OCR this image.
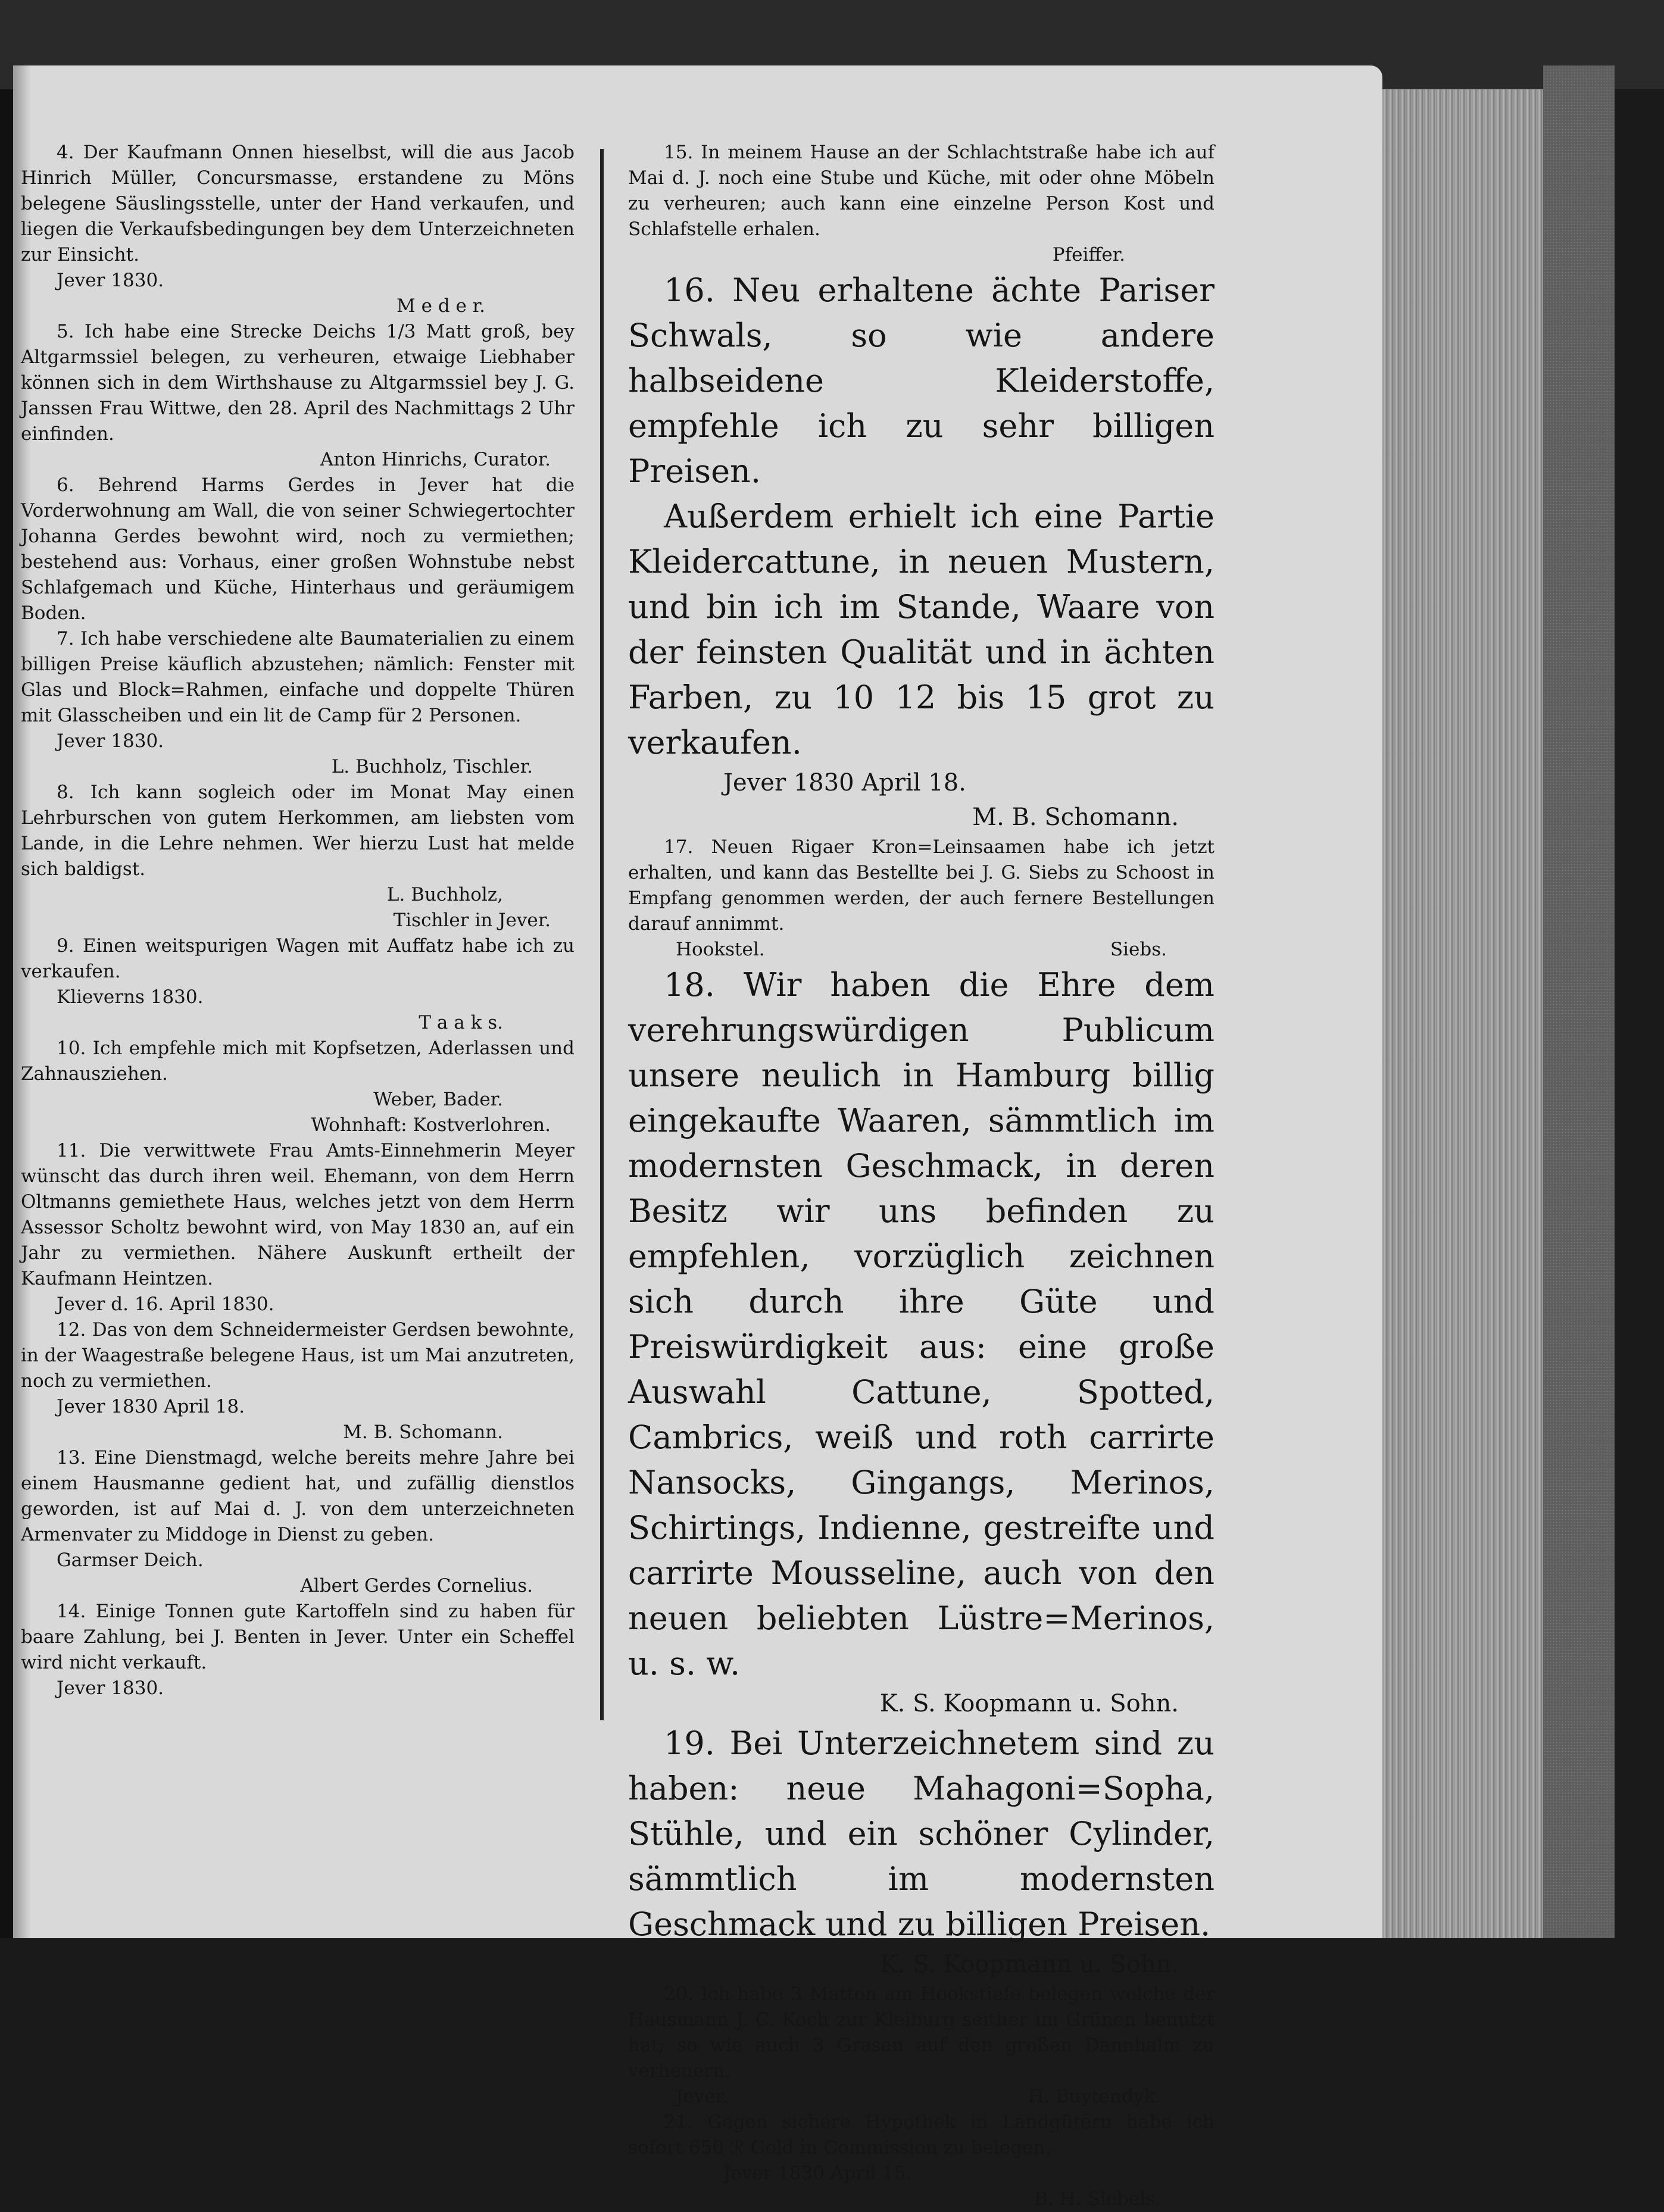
4. Der Kaufmann Onnen hieselbst, will die aus Jacob Hinrich Müller, Concursmasse, erstandene zu Möns belegene Säuslingsstelle, unter der Hand verkaufen, und liegen die Verkaufsbedingungen bey dem Unterzeichneten zur Einsicht.

Jever 1830.

M e d e r.

5. Ich habe eine Strecke Deichs 1/3 Matt groß, bey Altgarmssiel belegen, zu verheuren, etwaige Liebhaber können sich in dem Wirthshause zu Altgarmssiel bey J. G. Janssen Frau Wittwe, den 28. April des Nachmittags 2 Uhr einfinden.

Anton Hinrichs, Curator.

6. Behrend Harms Gerdes in Jever hat die Vorderwohnung am Wall, die von seiner Schwiegertochter Johanna Gerdes bewohnt wird, noch zu vermiethen; bestehend aus: Vorhaus, einer großen Wohnstube nebst Schlafgemach und Küche, Hinterhaus und geräumigem Boden.

7. Ich habe verschiedene alte Baumaterialien zu einem billigen Preise käuflich abzustehen; nämlich: Fenster mit Glas und Block=Rahmen, einfache und doppelte Thüren mit Glasscheiben und ein lit de Camp für 2 Personen.

Jever 1830.

L. Buchholz, Tischler.

8. Ich kann sogleich oder im Monat May einen Lehrburschen von gutem Herkommen, am liebsten vom Lande, in die Lehre nehmen. Wer hierzu Lust hat melde sich baldigst.

L. Buchholz,

Tischler in Jever.

9. Einen weitspurigen Wagen mit Auffatz habe ich zu verkaufen.

Klieverns 1830.

T a a k s.

10. Ich empfehle mich mit Kopfsetzen, Aderlassen und Zahnausziehen.

Weber, Bader.

Wohnhaft: Kostverlohren.

11. Die verwittwete Frau Amts-Einnehmerin Meyer wünscht das durch ihren weil. Ehemann, von dem Herrn Oltmanns gemiethete Haus, welches jetzt von dem Herrn Assessor Scholtz bewohnt wird, von May 1830 an, auf ein Jahr zu vermiethen. Nähere Auskunft ertheilt der Kaufmann Heintzen.

Jever d. 16. April 1830.

12. Das von dem Schneidermeister Gerdsen bewohnte, in der Waagestraße belegene Haus, ist um Mai anzutreten, noch zu vermiethen.

Jever 1830 April 18.

M. B. Schomann.

13. Eine Dienstmagd, welche bereits mehre Jahre bei einem Hausmanne gedient hat, und zufällig dienstlos geworden, ist auf Mai d. J. von dem unterzeichneten Armenvater zu Middoge in Dienst zu geben.

Garmser Deich.

Albert Gerdes Cornelius.

14. Einige Tonnen gute Kartoffeln sind zu haben für baare Zahlung, bei J. Benten in Jever. Unter ein Scheffel wird nicht verkauft.

Jever 1830.

15. In meinem Hause an der Schlachtstraße habe ich auf Mai d. J. noch eine Stube und Küche, mit oder ohne Möbeln zu verheuren; auch kann eine einzelne Person Kost und Schlafstelle erhalen.

Pfeiffer.

16. Neu erhaltene ächte Pariser Schwals, so wie andere halbseidene Kleiderstoffe, empfehle ich zu sehr billigen Preisen.

Außerdem erhielt ich eine Partie Kleidercattune, in neuen Mustern, und bin ich im Stande, Waare von der feinsten Qualität und in ächten Farben, zu 10 12 bis 15 grot zu verkaufen.

Jever 1830 April 18.

M. B. Schomann.

17. Neuen Rigaer Kron=Leinsaamen habe ich jetzt erhalten, und kann das Bestellte bei J. G. Siebs zu Schoost in Empfang genommen werden, der auch fernere Bestellungen darauf annimmt.

Hookstel.	Siebs.

18. Wir haben die Ehre dem verehrungswürdigen Publicum unsere neulich in Hamburg billig eingekaufte Waaren, sämmtlich im modernsten Geschmack, in deren Besitz wir uns befinden zu empfehlen, vorzüglich zeichnen sich durch ihre Güte und Preiswürdigkeit aus: eine große Auswahl Cattune, Spotted, Cambrics, weiß und roth carrirte Nansocks, Gingangs, Merinos, Schirtings, Indienne, gestreifte und carrirte Mousseline, auch von den neuen beliebten Lüstre=Merinos, u. s. w.

K. S. Koopmann u. Sohn.

19. Bei Unterzeichnetem sind zu haben: neue Mahagoni=Sopha, Stühle, und ein schöner Cylinder, sämmtlich im modernsten Geschmack und zu billigen Preisen.

K. S. Koopmann u. Sohn.

20. Ich habe 3 Matten am Hookstiefe belegen welche der Hausmann J. C. Koch zur Kleiburg seither im Grünen benutzt hat; so wie auch 3 Grasen auf den großen Dannhalm zu verheuern.

Jever.	H. Buytendyk.

21. Gegen sichere Hypothek in Landgütern habe ich sofort 650 ℛ Gold in Commission zu belegen.

Jever 1830 April 15.

B. H. Siebels.
